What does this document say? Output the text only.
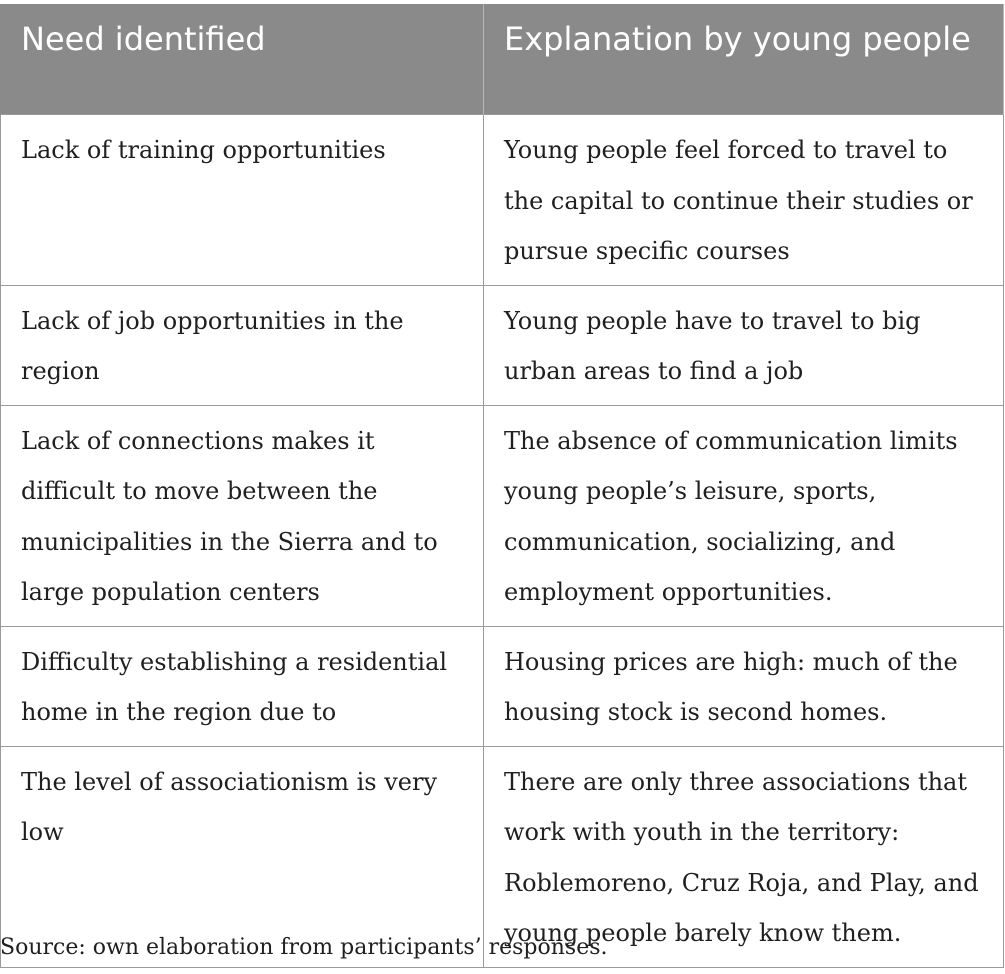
Need identified	Explanation by young people
Lack of training opportunities	Young people feel forced to travel to the capital to continue their studies or pursue specific courses
Lack of job opportunities in the region	Young people have to travel to big urban areas to find a job
Lack of connections makes it difficult to move between the municipalities in the Sierra and to large population centers	The absence of communication limits young people’s leisure, sports, communication, socializing, and employment opportunities.
Difficulty establishing a residential home in the region due to	Housing prices are high: much of the housing stock is second homes.
The level of associationism is very low	There are only three associations that work with youth in the territory: Roblemoreno, Cruz Roja, and Play, and young people barely know them.
Source: own elaboration from participants’ responses.
